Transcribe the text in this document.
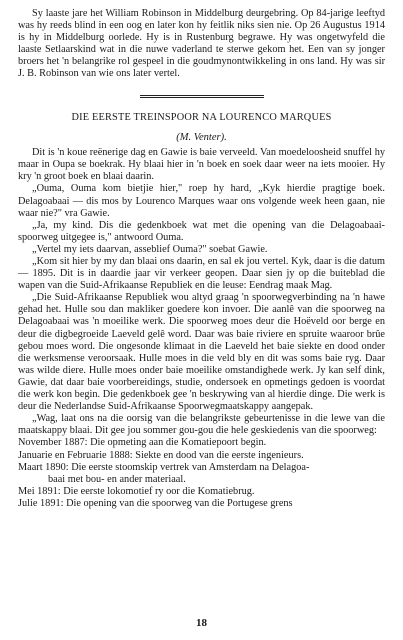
Sy laaste jare het William Robinson in Middelburg deurgebring. Op 84-jarige leeftyd was hy reeds blind in een oog en later kon hy feitlik niks sien nie. Op 26 Augustus 1914 is hy in Middelburg oorlede. Hy is in Rustenburg begrawe. Hy was ongetwyfeld die laaste Setlaarskind wat in die nuwe vaderland te sterwe gekom het. Een van sy jonger broers het 'n belangrike rol gespeel in die goudmynontwikkeling in ons land. Hy was sir J. B. Robinson van wie ons later vertel.

DIE EERSTE TREINSPOOR NA LOURENCO MARQUES
(M. Venter).

Dit is 'n koue reënerige dag en Gawie is baie verveeld. Van moedeloosheid snuffel hy maar in Oupa se boekrak. Hy blaai hier in 'n boek en soek daar weer na iets mooier. Hy kry 'n groot boek en blaai daarin.

„Ouma, Ouma kom bietjie hier," roep hy hard, „Kyk hierdie pragtige boek. Delagoabaai — dis mos by Lourenco Marques waar ons volgende week heen gaan, nie waar nie?" vra Gawie.

„Ja, my kind. Dis die gedenkboek wat met die opening van die Delagoabaai-spoorweg uitgegee is," antwoord Ouma.

„Vertel my iets daarvan, asseblief Ouma?" soebat Gawie.

„Kom sit hier by my dan blaai ons daarin, en sal ek jou vertel. Kyk, daar is die datum — 1895. Dit is in daardie jaar vir verkeer geopen. Daar sien jy op die buiteblad die wapen van die Suid-Afrikaanse Republiek en die leuse: Eendrag maak Mag.

„Die Suid-Afrikaanse Republiek wou altyd graag 'n spoorwegverbinding na 'n hawe gehad het. Hulle sou dan makliker goedere kon invoer. Die aanlê van die spoorweg na Delagoabaai was 'n moeilike werk. Die spoorweg moes deur die Hoëveld oor berge en deur die digbegroeide Laeveld gelê word. Daar was baie riviere en spruite waaroor brûe gebou moes word. Die ongesonde klimaat in die Laeveld het baie siekte en dood onder die werksmense veroorsaak. Hulle moes in die veld bly en dit was soms baie ryg. Daar was wilde diere. Hulle moes onder baie moeilike omstandighede werk. Jy kan self dink, Gawie, dat daar baie voorbereidings, studie, ondersoek en opmetings gedoen is voordat die werk kon begin. Die gedenkboek gee 'n beskrywing van al hierdie dinge. Die werk is deur die Nederlandse Suid-Afrikaanse Spoorwegmaatskappy aangepak.

„Wag, laat ons na die oorsig van die belangrikste gebeurtenisse in die lewe van die maatskappy blaai. Dit gee jou sommer gou-gou die hele geskiedenis van die spoorweg:

November 1887: Die opmeting aan die Komatiepoort begin.
Januarie en Februarie 1888: Siekte en dood van die eerste ingenieurs.
Maart 1890: Die eerste stoomskip vertrek van Amsterdam na Delagoa-
baai met bou- en ander materiaal.
Mei 1891: Die eerste lokomotief ry oor die Komatiebrug.
Julie 1891: Die opening van die spoorweg van die Portugese grens
18
